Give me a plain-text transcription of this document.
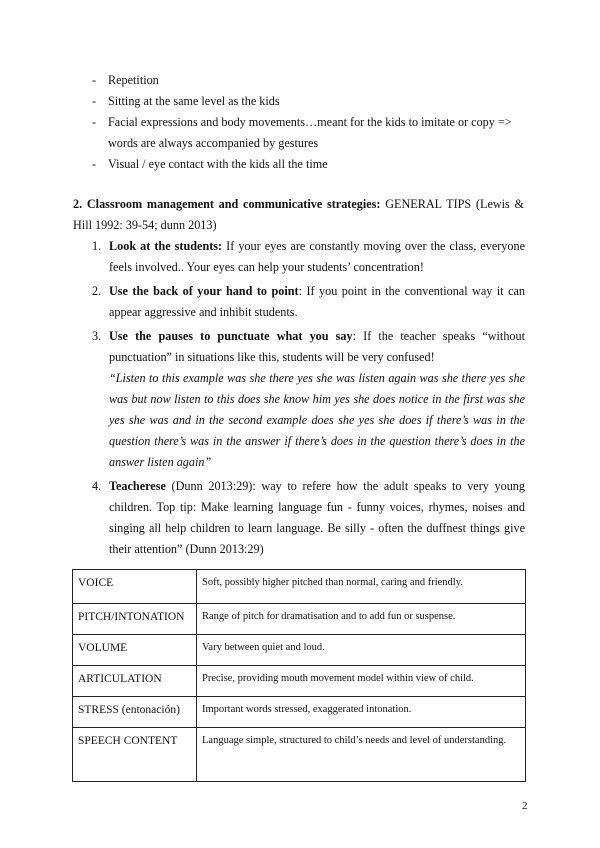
- Repetition
- Sitting at the same level as the kids
- Facial expressions and body movements…meant for the kids to imitate or copy => words are always accompanied by gestures
- Visual / eye contact with the kids all the time
2. Classroom management and communicative strategies: GENERAL TIPS (Lewis & Hill 1992: 39-54; dunn 2013)
1. Look at the students: If your eyes are constantly moving over the class, everyone feels involved.. Your eyes can help your students’ concentration!
2. Use the back of your hand to point: If you point in the conventional way it can appear aggressive and inhibit students.
3. Use the pauses to punctuate what you say: If the teacher speaks “without punctuation” in situations like this, students will be very confused!
“Listen to this example was she there yes she was listen again was she there yes she was but now listen to this does she know him yes she does notice in the first was she yes she was and in the second example does she yes she does if there’s was in the question there’s was in the answer if there’s does in the question there’s does in the answer listen again”
4. Teacherese (Dunn 2013:29): way to refere how the adult speaks to very young children. Top tip: Make learning language fun - funny voices, rhymes, noises and singing all help children to learn language. Be silly - often the duffnest things give their attention” (Dunn 2013:29)
VOICE	Soft, possibly higher pitched than normal, caring and friendly.
PITCH/INTONATION	Range of pitch for dramatisation and to add fun or suspense.
VOLUME	Vary between quiet and loud.
ARTICULATION	Precise, providing mouth movement model within view of child.
STRESS (entonación)	Important words stressed, exaggerated intonation.
SPEECH CONTENT	Language simple, structured to child’s needs and level of understanding.
2
